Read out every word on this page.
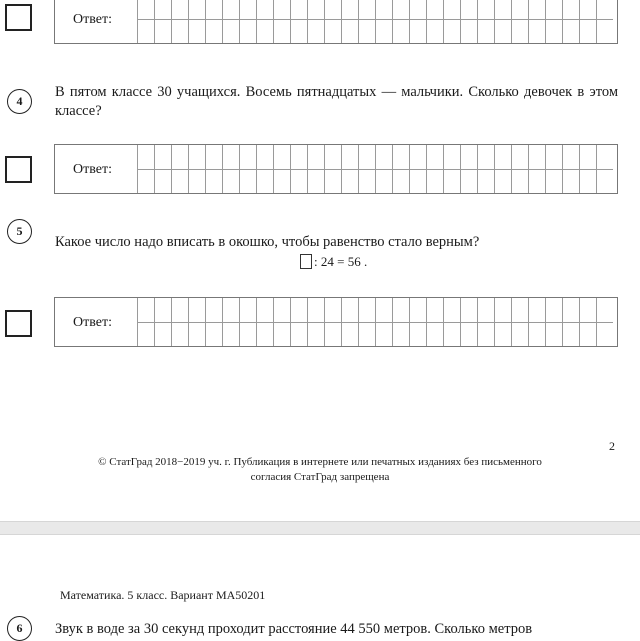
Ответ:
4
В пятом классе 30 учащихся. Восемь пятнадцатых — мальчики. Сколько девочек в этом классе?
Ответ:
5
Какое число надо вписать в окошко, чтобы равенство стало верным?
: 24 = 56 .
Ответ:
2
© СтатГрад 2018−2019 уч. г. Публикация в интернете или печатных изданиях без письменного
согласия СтатГрад запрещена
Математика. 5 класс. Вариант МА50201
6 Звук в воде за 30 секунд проходит расстояние 44 550 метров. Сколько метров
